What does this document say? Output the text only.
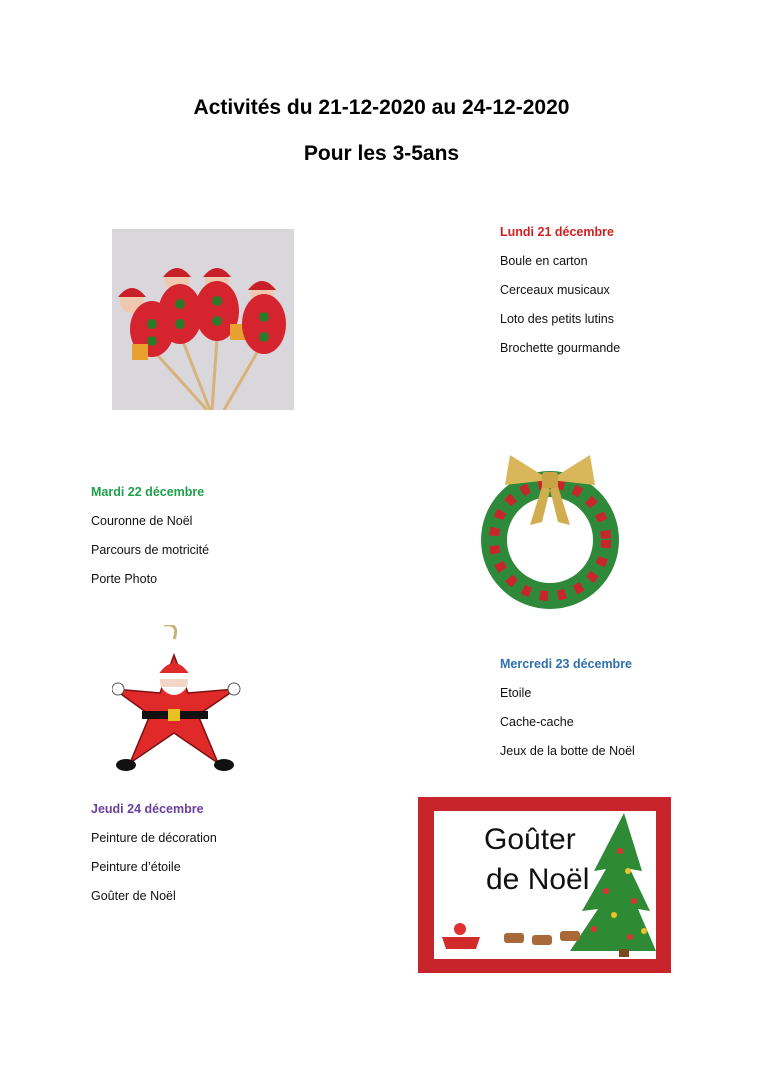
Activités du 21-12-2020 au 24-12-2020
Pour les 3-5ans
Lundi 21 décembre
Boule en carton
Cerceaux musicaux
Loto des petits lutins
Brochette gourmande
Mardi 22 décembre
Couronne de Noël
Parcours de motricité
Porte Photo
Mercredi 23 décembre
Etoile
Cache-cache
Jeux de la botte de Noël
Jeudi 24 décembre
Peinture de décoration
Peinture d’étoile
Goûter de Noël
Goûter
de Noël
